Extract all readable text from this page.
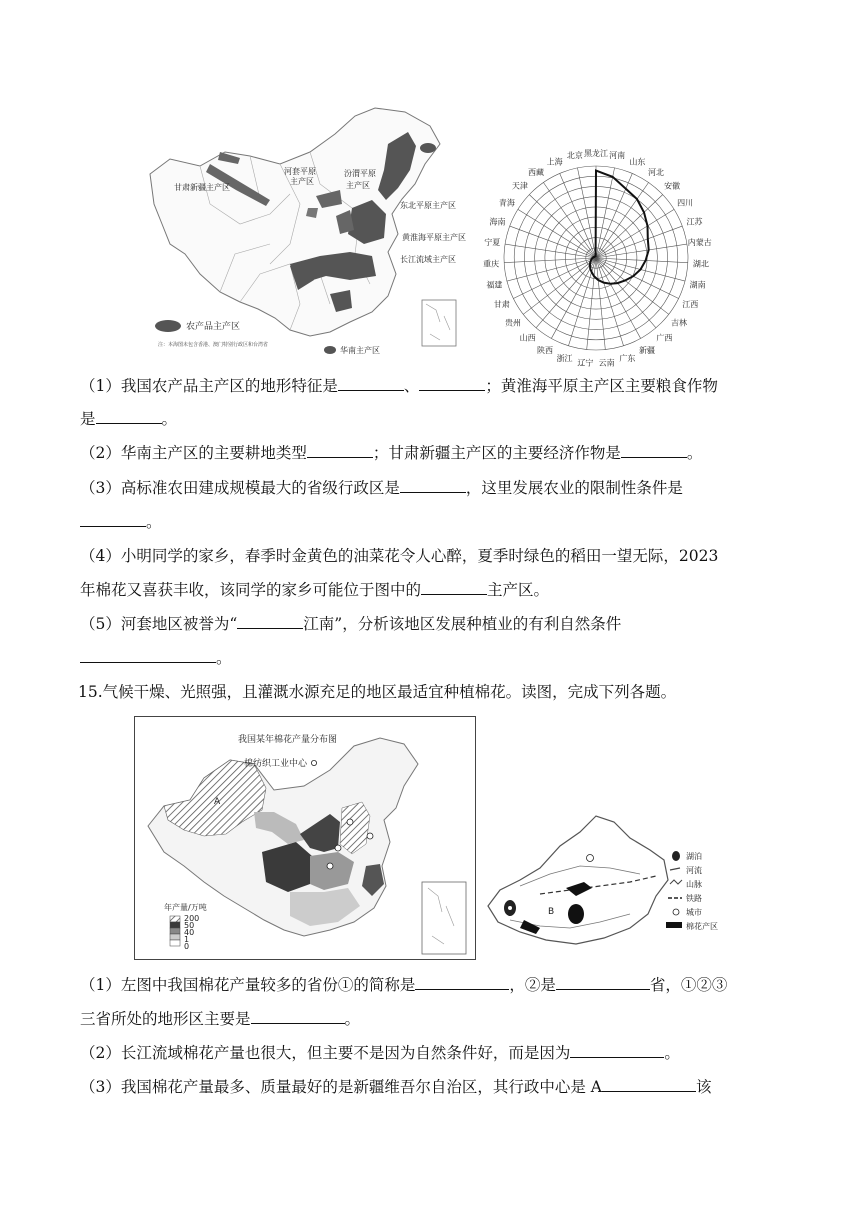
甘肃新疆主产区
河套平原
主产区
汾渭平原
主产区
东北平原主产区
黄淮海平原主产区
长江流域主产区
华南主产区
农产品主产区
注：本海图未包含香港、澳门特别行政区和台湾省
黑龙江 河南
山东
河北
安徽
四川
江苏
内蒙古
湖北
湖南
江西
吉林
广西
新疆
广东
云南
辽宁
浙江
陕西
山西
贵州
甘肃
福建
重庆
宁夏
海南
青海
天津
西藏
上海
北京
（1）我国农产品主产区的地形特征是	、	；黄淮海平原主产区主要粮食作物
是	。
（2）华南主产区的主要耕地类型	；甘肃新疆主产区的主要经济作物是	。
（3）高标准农田建成规模最大的省级行政区是	，这里发展农业的限制性条件是
。
（4）小明同学的家乡，春季时金黄色的油菜花令人心醉，夏季时绿色的稻田一望无际，2023
年棉花又喜获丰收，该同学的家乡可能位于图中的	主产区。
（5）河套地区被誉为“	江南”，分析该地区发展种植业的有利自然条件
。
15.气候干燥、光照强，且灌溉水源充足的地区最适宜种植棉花。读图，完成下列各题。
A
我国某年棉花产量分布图
棉纺织工业中心
年产量/万吨
200
50
40
1
0
B
湖泊
河流
山脉
铁路
城市
棉花产区
（1）左图中我国棉花产量较多的省份①的简称是	，②是	省，①②③
三省所处的地形区主要是	。
（2）长江流域棉花产量也很大，但主要不是因为自然条件好，而是因为	。
（3）我国棉花产量最多、质量最好的是新疆维吾尔自治区，其行政中心是 A	该
